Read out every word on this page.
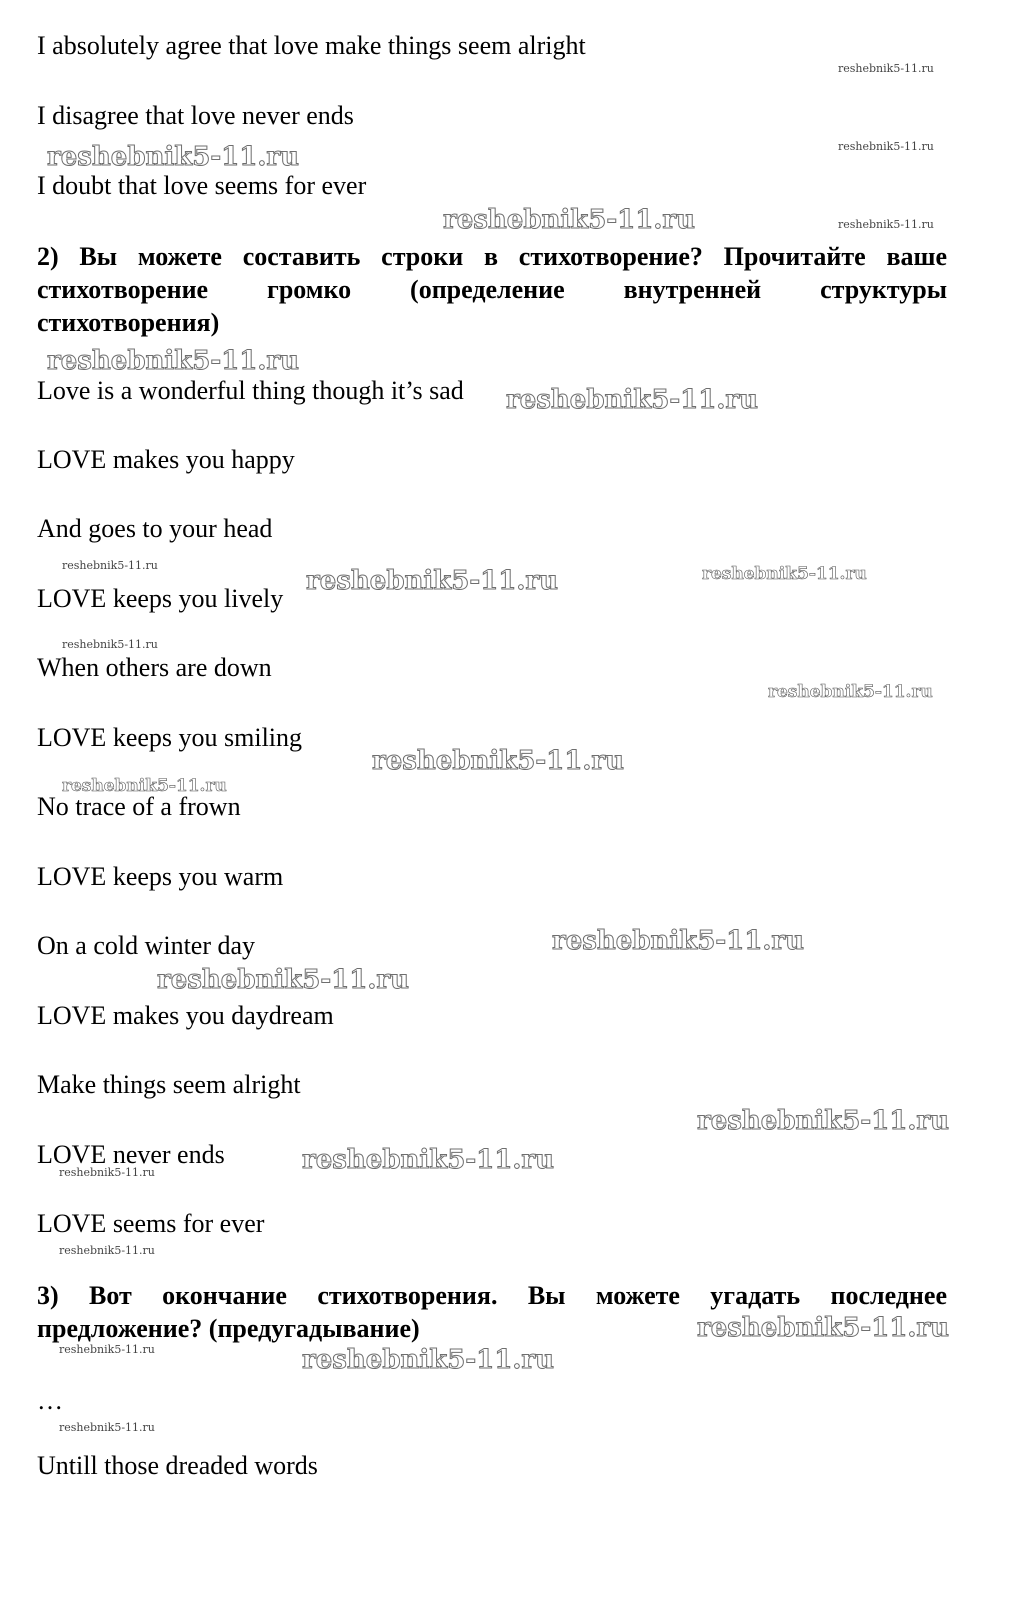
I absolutely agree that love make things seem alright
I disagree that love never ends
I doubt that love seems for ever
2) Вы можете составить строки в стихотворение? Прочитайте ваше
стихотворение громко (определение внутренней структуры
стихотворения)
Love is a wonderful thing though it’s sad
LOVE makes you happy
And goes to your head
LOVE keeps you lively
When others are down
LOVE keeps you smiling
No trace of a frown
LOVE keeps you warm
On a cold winter day
LOVE makes you daydream
Make things seem alright
LOVE never ends
LOVE seems for ever
3) Вот окончание стихотворения. Вы можете угадать последнее
предложение? (предугадывание)
…
Untill those dreaded words
reshebnik5-11.ru
reshebnik5-11.ru
reshebnik5-11.ru
reshebnik5-11.ru
reshebnik5-11.ru
reshebnik5-11.ru
reshebnik5-11.ru
reshebnik5-11.ru
reshebnik5-11.ru
reshebnik5-11.ru
reshebnik5-11.ru
reshebnik5-11.ru
reshebnik5-11.ru
reshebnik5-11.ru
reshebnik5-11.ru
reshebnik5-11.ru
reshebnik5-11.ru
reshebnik5-11.ru
reshebnik5-11.ru
reshebnik5-11.ru
reshebnik5-11.ru
reshebnik5-11.ru
reshebnik5-11.ru
reshebnik5-11.ru
